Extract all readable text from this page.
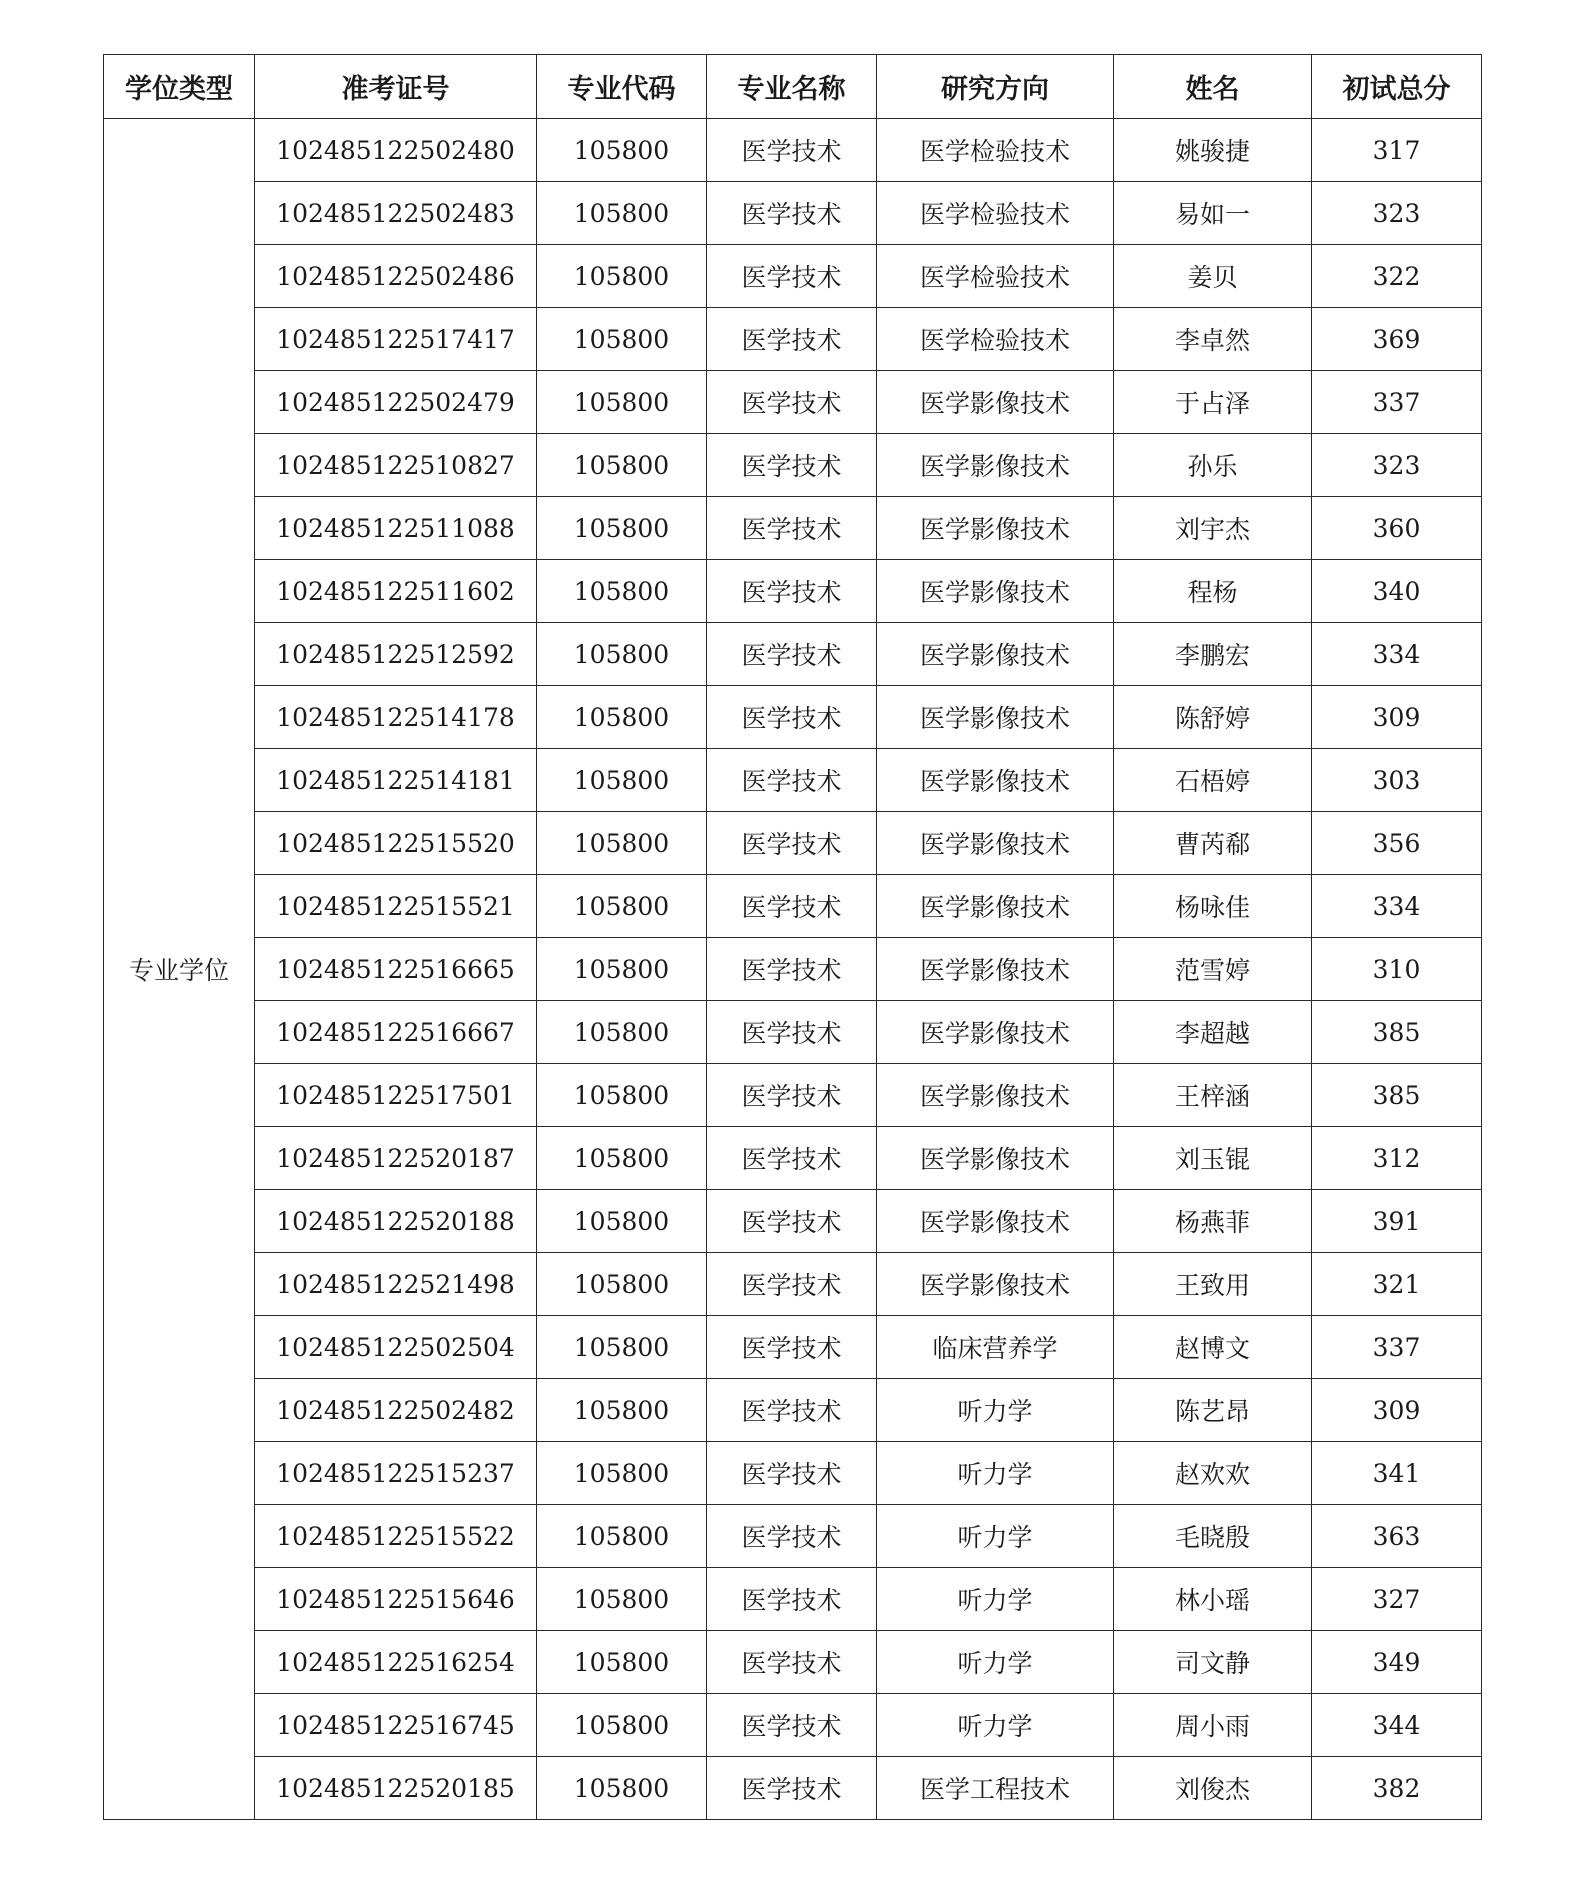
学位类型	准考证号	专业代码	专业名称	研究方向	姓名	初试总分
专业学位	102485122502480	105800	医学技术	医学检验技术	姚骏捷	317
	102485122502483	105800	医学技术	医学检验技术	易如一	323
	102485122502486	105800	医学技术	医学检验技术	姜贝	322
	102485122517417	105800	医学技术	医学检验技术	李卓然	369
	102485122502479	105800	医学技术	医学影像技术	于占泽	337
	102485122510827	105800	医学技术	医学影像技术	孙乐	323
	102485122511088	105800	医学技术	医学影像技术	刘宇杰	360
	102485122511602	105800	医学技术	医学影像技术	程杨	340
	102485122512592	105800	医学技术	医学影像技术	李鹏宏	334
	102485122514178	105800	医学技术	医学影像技术	陈舒婷	309
	102485122514181	105800	医学技术	医学影像技术	石梧婷	303
	102485122515520	105800	医学技术	医学影像技术	曹芮郗	356
	102485122515521	105800	医学技术	医学影像技术	杨咏佳	334
	102485122516665	105800	医学技术	医学影像技术	范雪婷	310
	102485122516667	105800	医学技术	医学影像技术	李超越	385
	102485122517501	105800	医学技术	医学影像技术	王梓涵	385
	102485122520187	105800	医学技术	医学影像技术	刘玉锟	312
	102485122520188	105800	医学技术	医学影像技术	杨燕菲	391
	102485122521498	105800	医学技术	医学影像技术	王致用	321
	102485122502504	105800	医学技术	临床营养学	赵博文	337
	102485122502482	105800	医学技术	听力学	陈艺昂	309
	102485122515237	105800	医学技术	听力学	赵欢欢	341
	102485122515522	105800	医学技术	听力学	毛晓殷	363
	102485122515646	105800	医学技术	听力学	林小瑶	327
	102485122516254	105800	医学技术	听力学	司文静	349
	102485122516745	105800	医学技术	听力学	周小雨	344
	102485122520185	105800	医学技术	医学工程技术	刘俊杰	382
